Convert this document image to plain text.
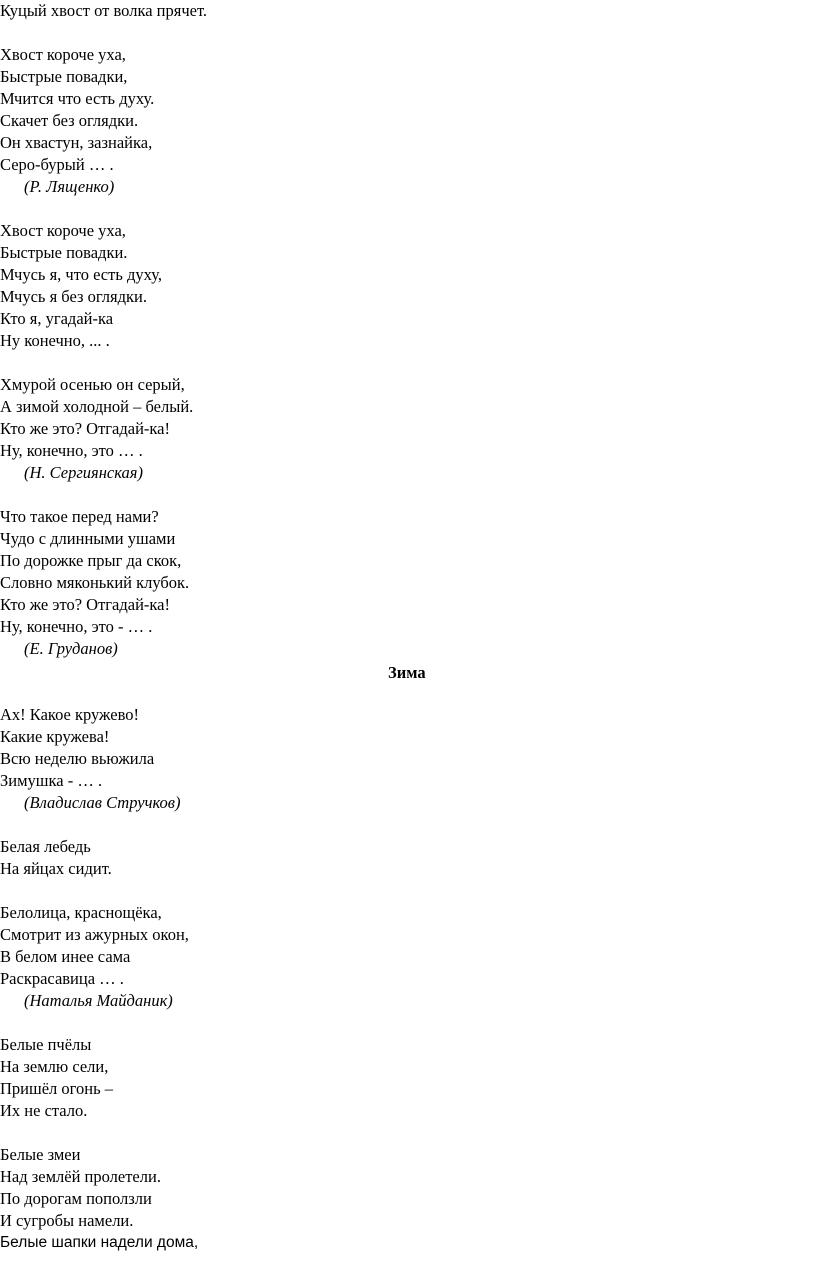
Куцый хвост от волка прячет.
Хвост короче уха,
Быстрые повадки,
Мчится что есть духу.
Скачет без оглядки.
Он хвастун, зазнайка,
Серо-бурый … .
(Р. Лященко)
Хвост короче уха,
Быстрые повадки.
Мчусь я, что есть духу,
Мчусь я без оглядки.
Кто я, угадай-ка
Ну конечно, ... .
Хмурой осенью он серый,
А зимой холодной – белый.
Кто же это? Отгадай-ка!
Ну, конечно, это … .
(Н. Сергиянская)
Что такое перед нами?
Чудо с длинными ушами
По дорожке прыг да скок,
Словно мяконький клубок.
Кто же это? Отгадай-ка!
Ну, конечно, это - … .
(Е. Груданов)
Зима
Ах! Какое кружево!
Какие кружева!
Всю неделю вьюжила
Зимушка - … .
(Владислав Стручков)
Белая лебедь
На яйцах сидит.
Белолица, краснощёка,
Смотрит из ажурных окон,
В белом инее сама
Раскрасавица … .
(Наталья Майданик)
Белые пчёлы
На землю сели,
Пришёл огонь –
Их не стало.
Белые змеи
Над землёй пролетели.
По дорогам поползли
И сугробы намели.
Белые шапки надели дома,
